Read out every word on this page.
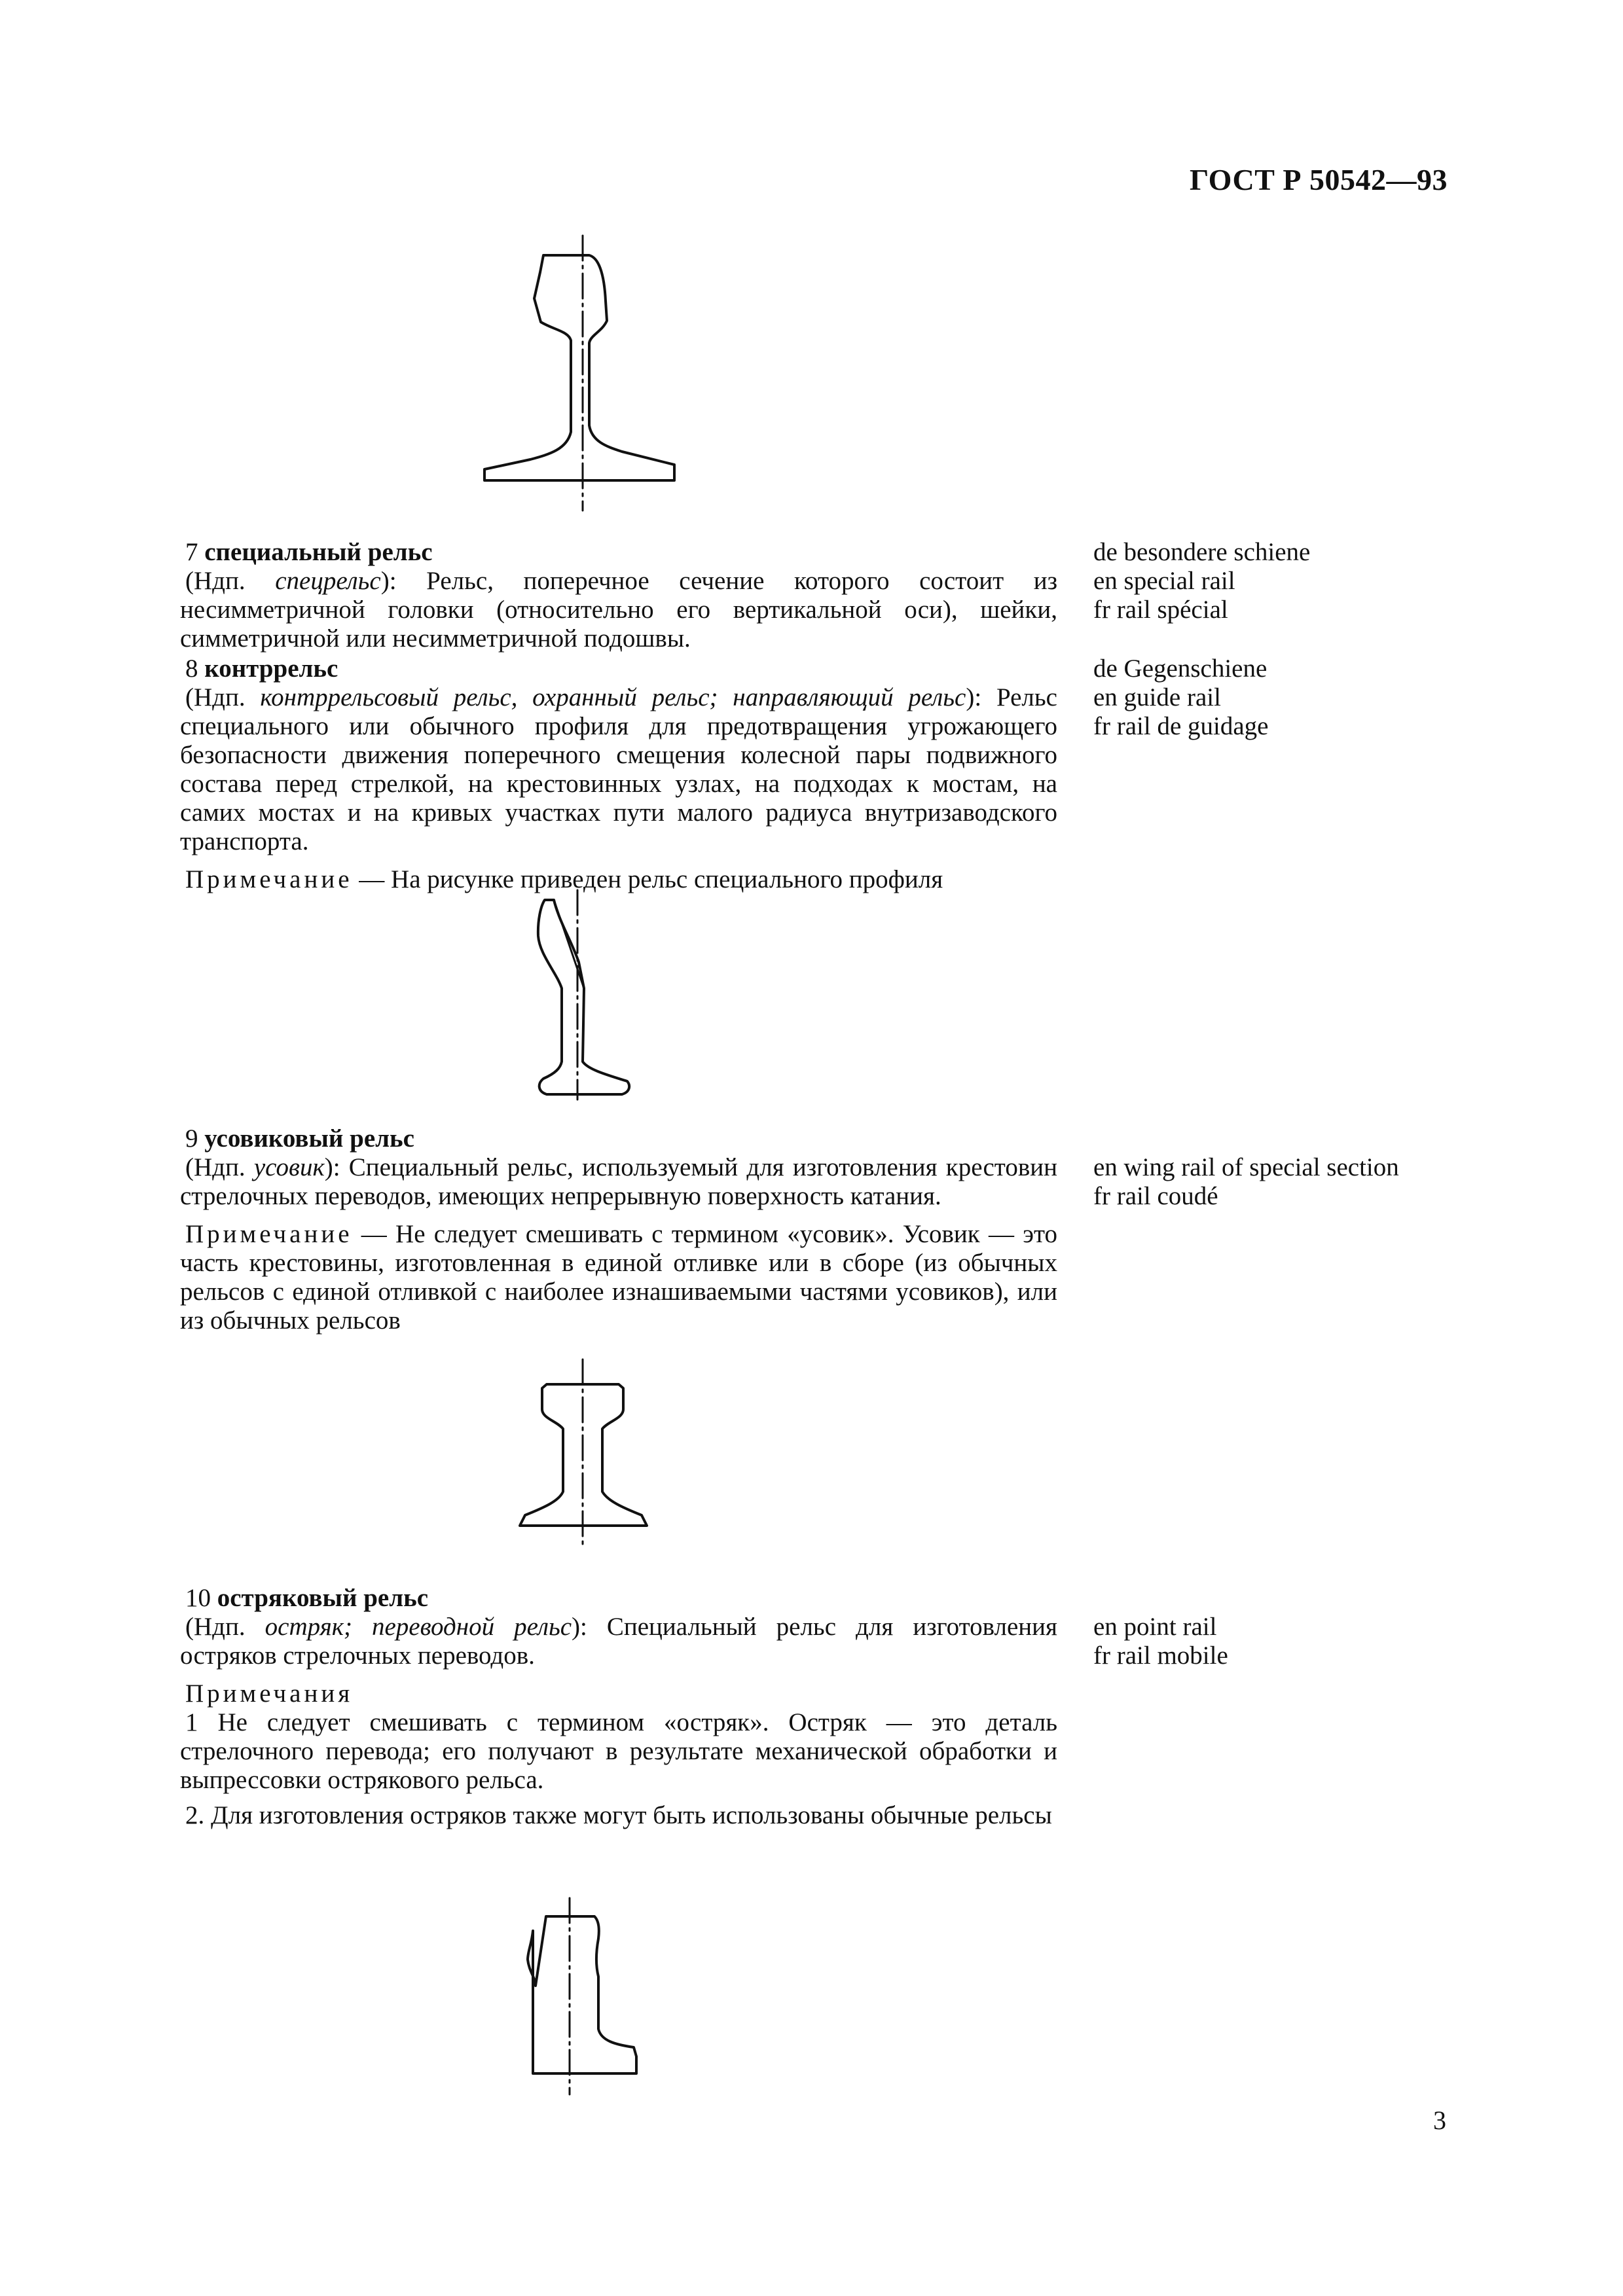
ГОСТ Р 50542—93

7 специальный рельс

(Ндп. спецрельс): Рельс, поперечное сечение которого состоит из несимметричной головки (относительно его вертикальной оси), шейки, симметричной или несимметричной подошвы.

de besondere schiene
en special rail
fr rail spécial

8 контррельс

(Ндп. контррельсовый рельс, охранный рельс; направляющий рельс): Рельс специального или обычного профиля для предотвращения угрожающего безопасности движения поперечного смещения колесной пары подвижного состава перед стрелкой, на крестовинных узлах, на подходах к мостам, на самих мостах и на кривых участках пути малого радиуса внутризаводского транспорта.

Примечание — На рисунке приведен рельс специального профиля

de Gegenschiene
en guide rail
fr rail de guidage

9 усовиковый рельс

(Ндп. усовик): Специальный рельс, используемый для изготовления крестовин стрелочных переводов, имеющих непрерывную поверхность катания.

Примечание — Не следует смешивать с термином «усовик». Усовик — это часть крестовины, изготовленная в единой отливке или в сборе (из обычных рельсов с единой отливкой с наиболее изнашиваемыми частями усовиков), или из обычных рельсов

en wing rail of special section
fr rail coudé

10 остряковый рельс

(Ндп. остряк; переводной рельс): Специальный рельс для изготовления остряков стрелочных переводов.

Примечания

1 Не следует смешивать с термином «остряк». Остряк — это деталь стрелочного перевода; его получают в результате механической обработки и выпрессовки острякового рельса.

2. Для изготовления остряков также могут быть использованы обычные рельсы

en point rail
fr rail mobile
3
